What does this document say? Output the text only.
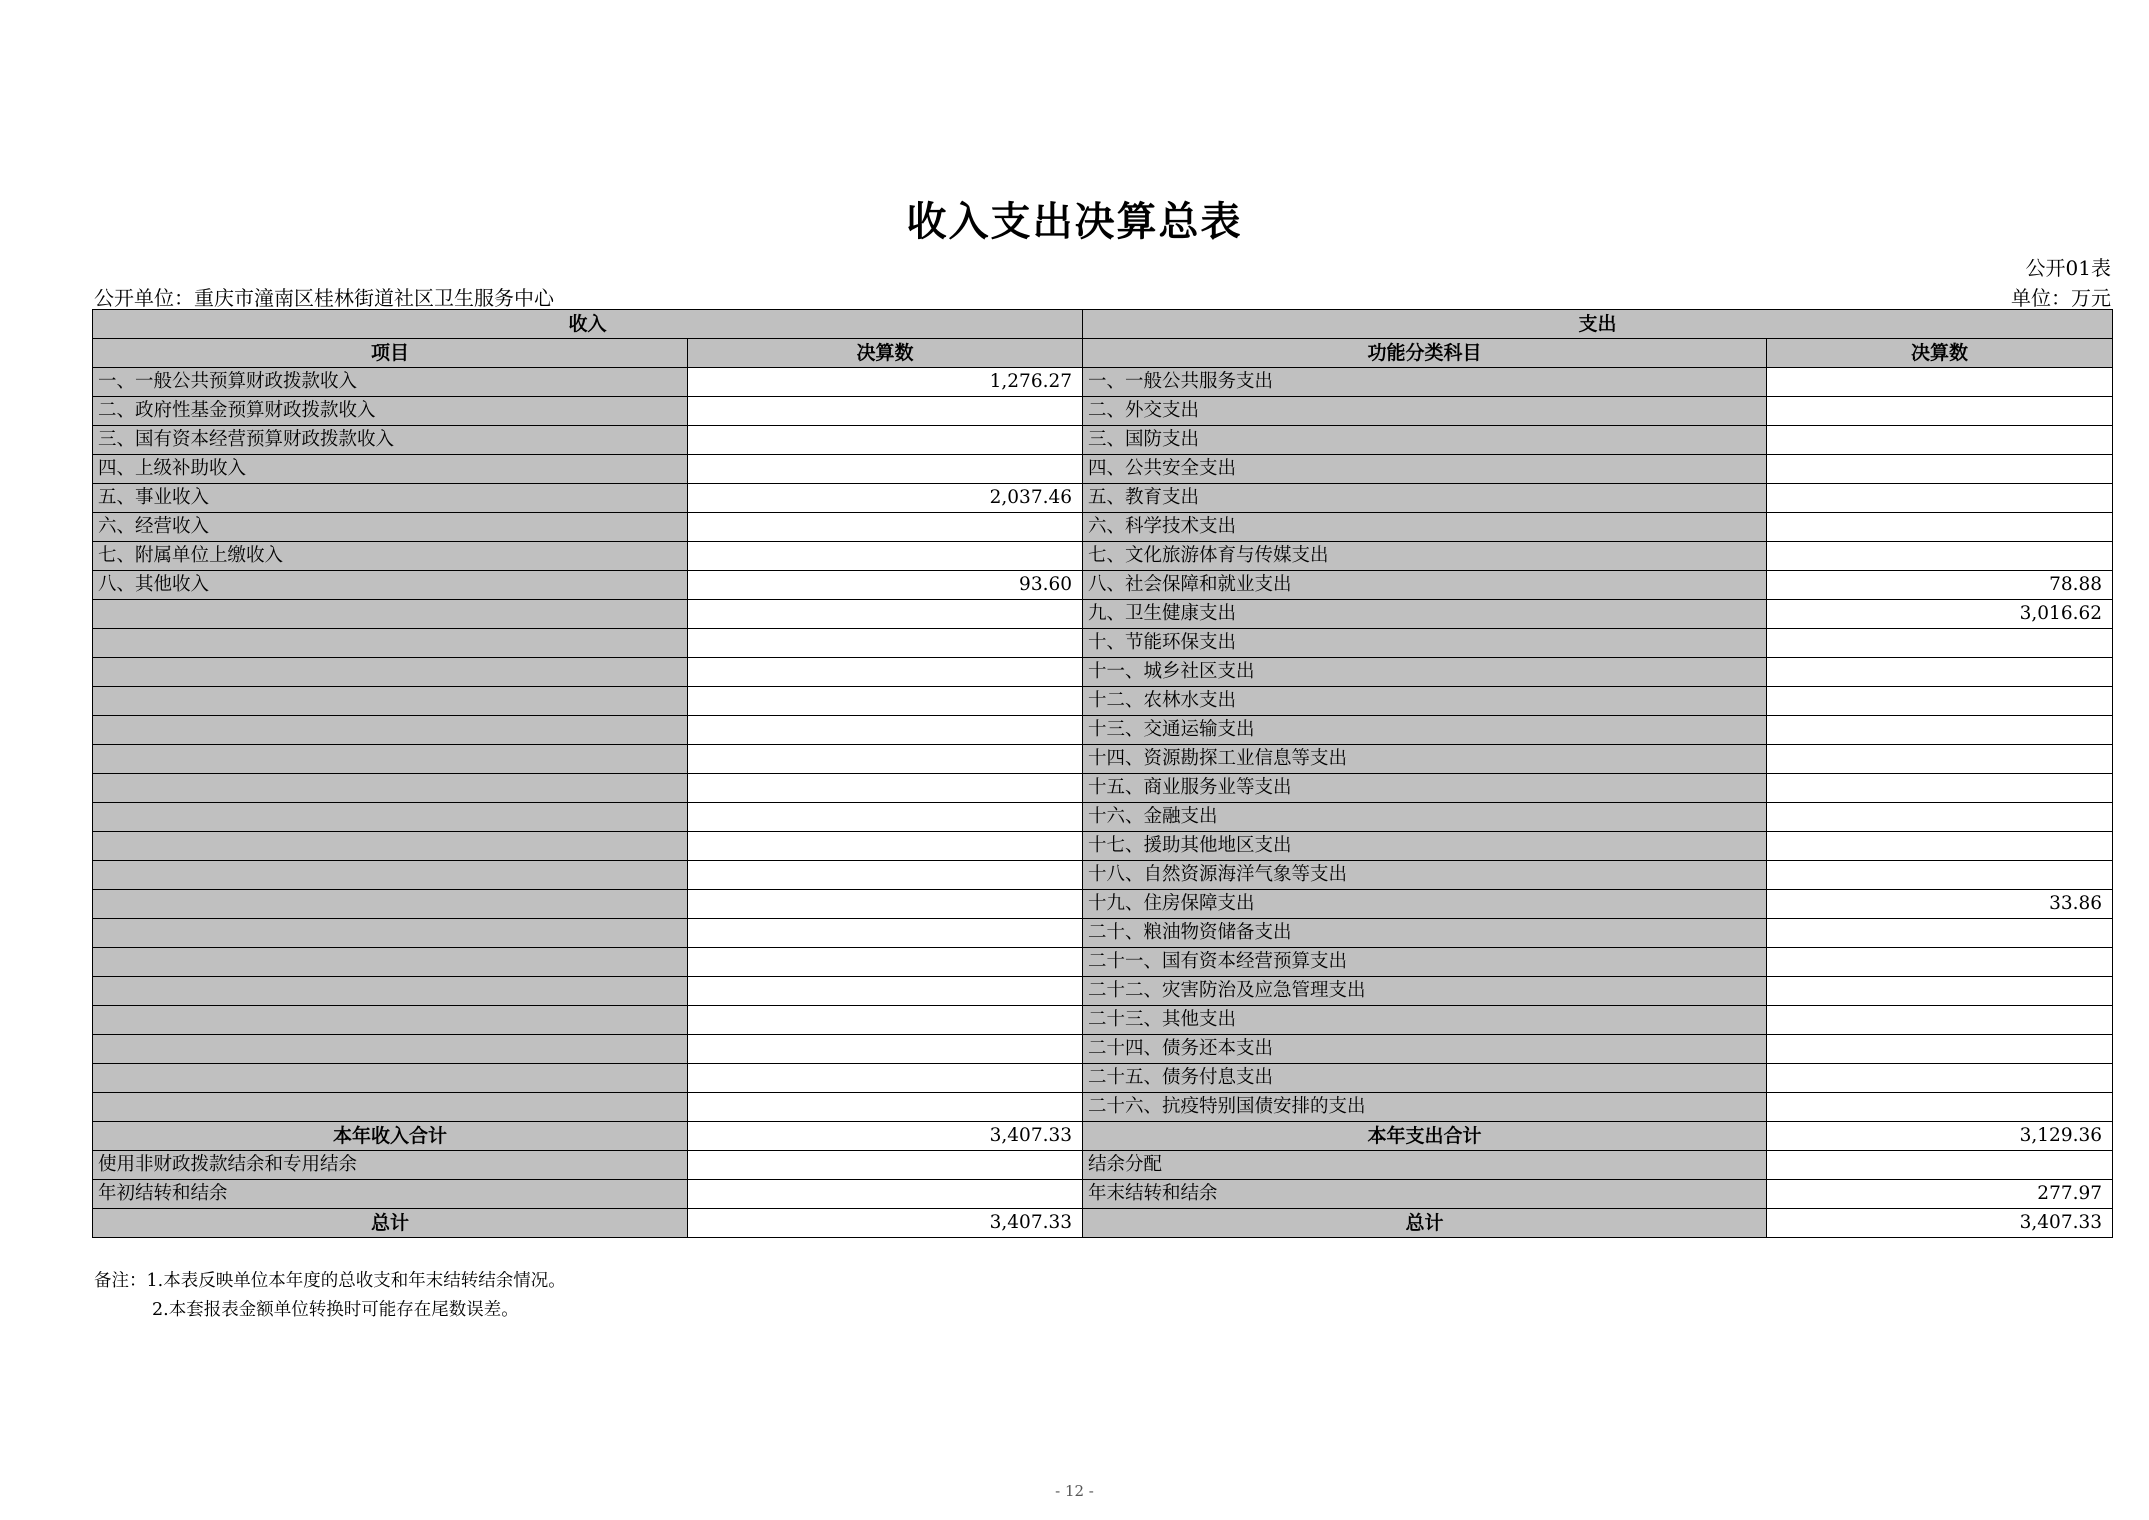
收入支出决算总表
公开01表
公开单位：重庆市潼南区桂林街道社区卫生服务中心	单位：万元
收入		支出	
项目	决算数	功能分类科目	决算数
一、一般公共预算财政拨款收入	1,276.27	一、一般公共服务支出	
二、政府性基金预算财政拨款收入		二、外交支出	
三、国有资本经营预算财政拨款收入		三、国防支出	
四、上级补助收入		四、公共安全支出	
五、事业收入	2,037.46	五、教育支出	
六、经营收入		六、科学技术支出	
七、附属单位上缴收入		七、文化旅游体育与传媒支出	
八、其他收入	93.60	八、社会保障和就业支出	78.88
		九、卫生健康支出	3,016.62
		十、节能环保支出	
		十一、城乡社区支出	
		十二、农林水支出	
		十三、交通运输支出	
		十四、资源勘探工业信息等支出	
		十五、商业服务业等支出	
		十六、金融支出	
		十七、援助其他地区支出	
		十八、自然资源海洋气象等支出	
		十九、住房保障支出	33.86
		二十、粮油物资储备支出	
		二十一、国有资本经营预算支出	
		二十二、灾害防治及应急管理支出	
		二十三、其他支出	
		二十四、债务还本支出	
		二十五、债务付息支出	
		二十六、抗疫特别国债安排的支出	
本年收入合计	3,407.33	本年支出合计	3,129.36
使用非财政拨款结余和专用结余		结余分配	
年初结转和结余		年末结转和结余	277.97
总计	3,407.33	总计	3,407.33
备注：1.本表反映单位本年度的总收支和年末结转结余情况。
2.本套报表金额单位转换时可能存在尾数误差。
- 12 -
